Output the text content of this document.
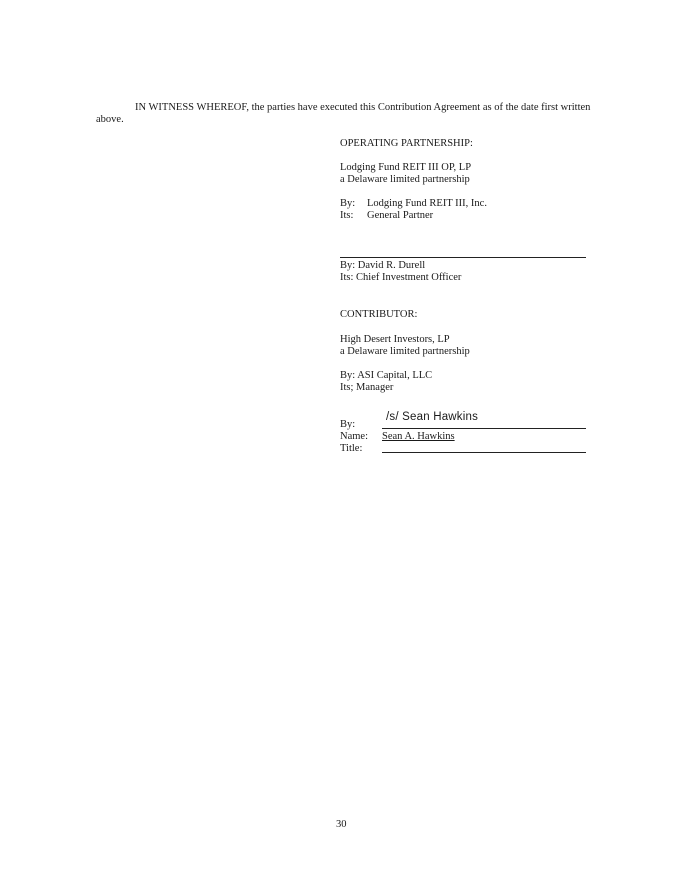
IN WITNESS WHEREOF, the parties have executed this Contribution Agreement as of the date first written
above.
OPERATING PARTNERSHIP:
Lodging Fund REIT III OP, LP
a Delaware limited partnership
By: Lodging Fund REIT III, Inc.
Its: General Partner
By: David R. Durell
Its: Chief Investment Officer
CONTRIBUTOR:
High Desert Investors, LP
a Delaware limited partnership
By: ASI Capital, LLC
Its; Manager
/s/ Sean Hawkins
By:
Name: Sean A. Hawkins
Title:
30
